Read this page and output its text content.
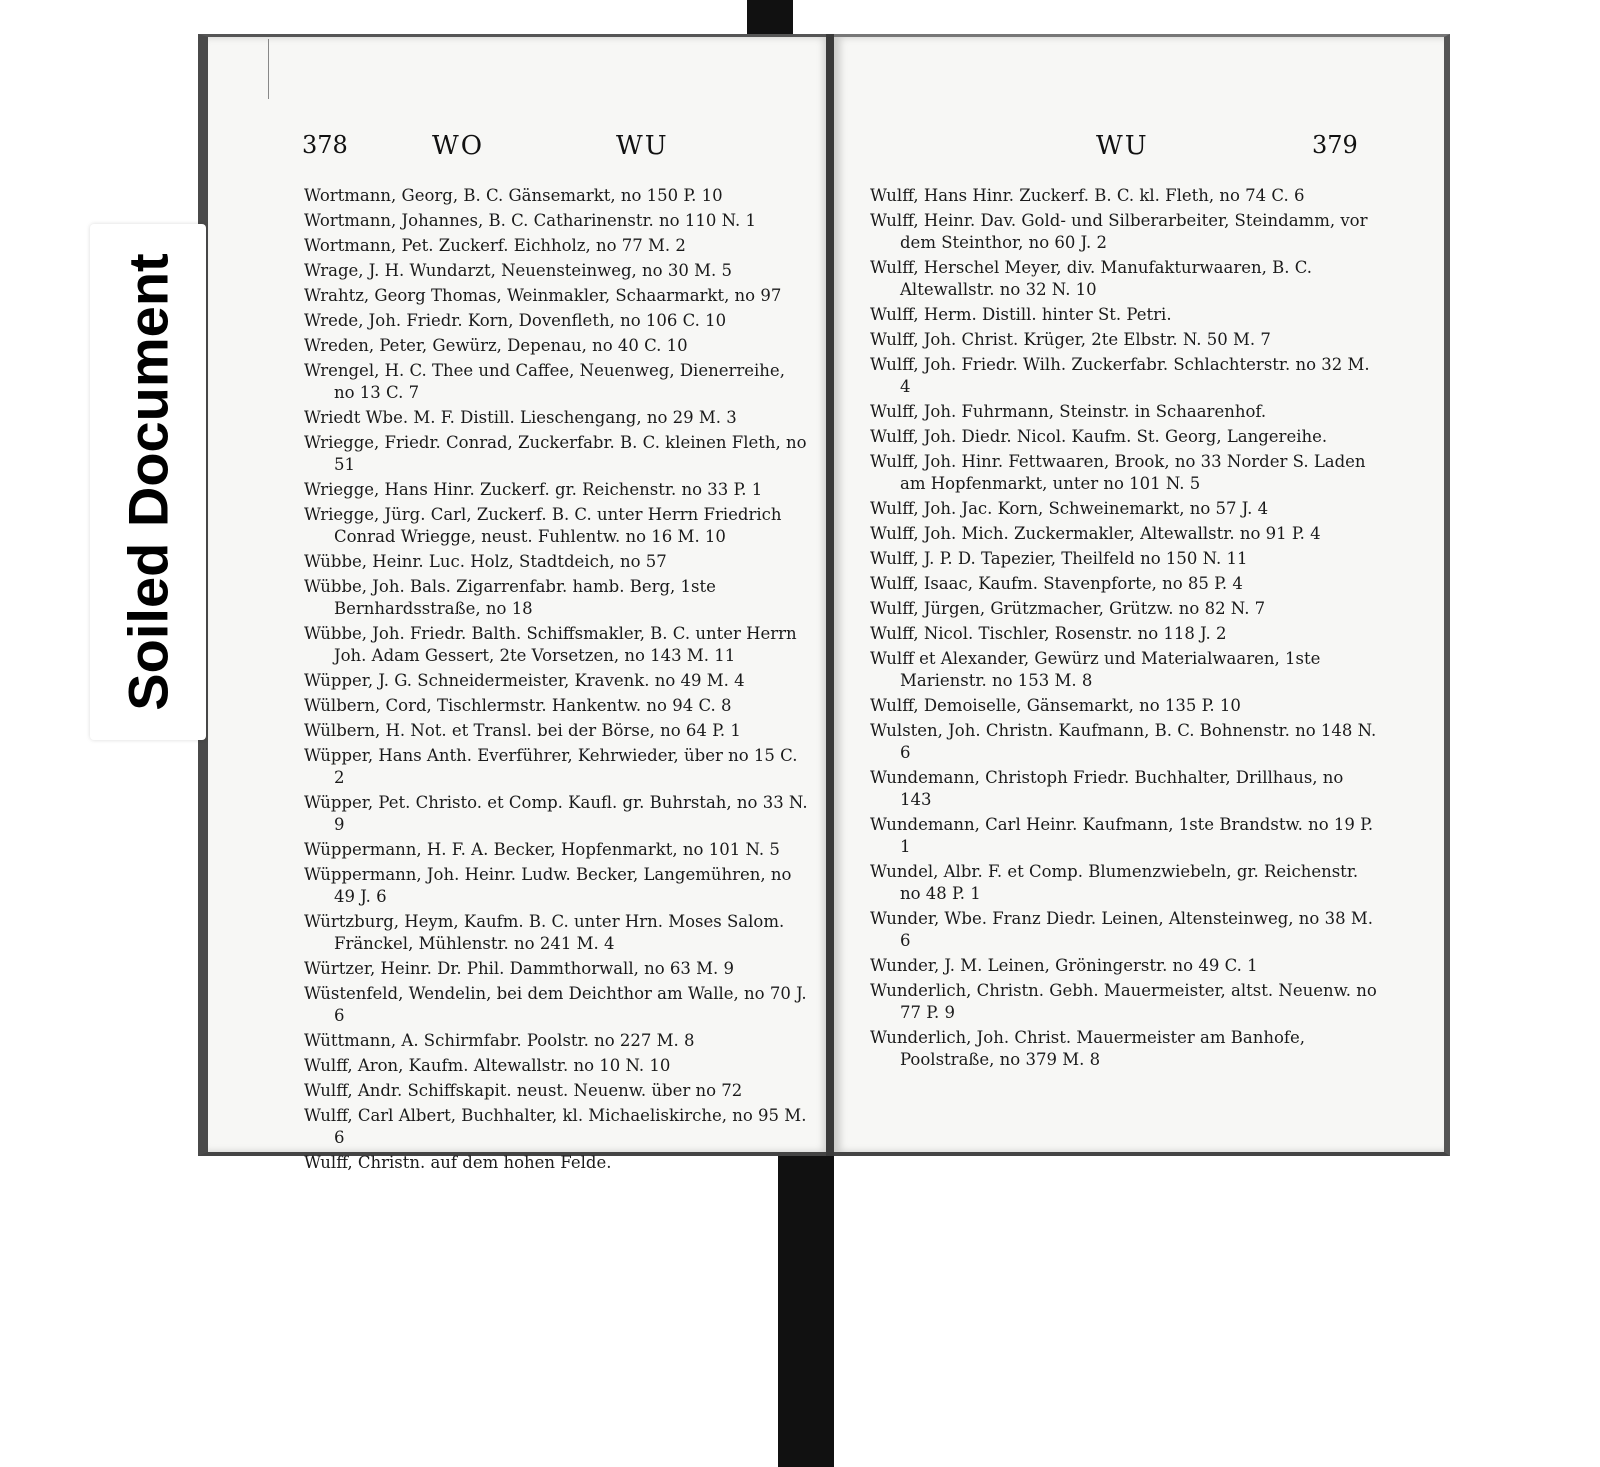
378	WO	WU
Wortmann, Georg, B. C. Gänsemarkt, no 150 P. 10
Wortmann, Johannes, B. C. Catharinenstr. no 110 N. 1
Wortmann, Pet. Zuckerf. Eichholz, no 77 M. 2
Wrage, J. H. Wundarzt, Neuensteinweg, no 30 M. 5
Wrahtz, Georg Thomas, Weinmakler, Schaarmarkt, no 97
Wrede, Joh. Friedr. Korn, Dovenfleth, no 106 C. 10
Wreden, Peter, Gewürz, Depenau, no 40 C. 10
Wrengel, H. C. Thee und Caffee, Neuenweg, Dienerreihe, no 13 C. 7
Wriedt Wbe. M. F. Distill. Lieschengang, no 29 M. 3
Wriegge, Friedr. Conrad, Zuckerfabr. B. C. kleinen Fleth, no 51
Wriegge, Hans Hinr. Zuckerf. gr. Reichenstr. no 33 P. 1
Wriegge, Jürg. Carl, Zuckerf. B. C. unter Herrn Friedrich Conrad Wriegge, neust. Fuhlentw. no 16 M. 10
Wübbe, Heinr. Luc. Holz, Stadtdeich, no 57
Wübbe, Joh. Bals. Zigarrenfabr. hamb. Berg, 1ste Bernhardsstraße, no 18
Wübbe, Joh. Friedr. Balth. Schiffsmakler, B. C. unter Herrn Joh. Adam Gessert, 2te Vorsetzen, no 143 M. 11
Wüpper, J. G. Schneidermeister, Kravenk. no 49 M. 4
Wülbern, Cord, Tischlermstr. Hankentw. no 94 C. 8
Wülbern, H. Not. et Transl. bei der Börse, no 64 P. 1
Wüpper, Hans Anth. Everführer, Kehrwieder, über no 15 C. 2
Wüpper, Pet. Christo. et Comp. Kaufl. gr. Buhrstah, no 33 N. 9
Wüppermann, H. F. A. Becker, Hopfenmarkt, no 101 N. 5
Wüppermann, Joh. Heinr. Ludw. Becker, Langemühren, no 49 J. 6
Würtzburg, Heym, Kaufm. B. C. unter Hrn. Moses Salom. Fränckel, Mühlenstr. no 241 M. 4
Würtzer, Heinr. Dr. Phil. Dammthorwall, no 63 M. 9
Wüstenfeld, Wendelin, bei dem Deichthor am Walle, no 70 J. 6
Wüttmann, A. Schirmfabr. Poolstr. no 227 M. 8
Wulff, Aron, Kaufm. Altewallstr. no 10 N. 10
Wulff, Andr. Schiffskapit. neust. Neuenw. über no 72
Wulff, Carl Albert, Buchhalter, kl. Michaeliskirche, no 95 M. 6
Wulff, Christn. auf dem hohen Felde.
WU	379
Wulff, Hans Hinr. Zuckerf. B. C. kl. Fleth, no 74 C. 6
Wulff, Heinr. Dav. Gold- und Silberarbeiter, Steindamm, vor dem Steinthor, no 60 J. 2
Wulff, Herschel Meyer, div. Manufakturwaaren, B. C. Altewallstr. no 32 N. 10
Wulff, Herm. Distill. hinter St. Petri.
Wulff, Joh. Christ. Krüger, 2te Elbstr. N. 50 M. 7
Wulff, Joh. Friedr. Wilh. Zuckerfabr. Schlachterstr. no 32 M. 4
Wulff, Joh. Fuhrmann, Steinstr. in Schaarenhof.
Wulff, Joh. Diedr. Nicol. Kaufm. St. Georg, Langereihe.
Wulff, Joh. Hinr. Fettwaaren, Brook, no 33 Norder S. Laden am Hopfenmarkt, unter no 101 N. 5
Wulff, Joh. Jac. Korn, Schweinemarkt, no 57 J. 4
Wulff, Joh. Mich. Zuckermakler, Altewallstr. no 91 P. 4
Wulff, J. P. D. Tapezier, Theilfeld no 150 N. 11
Wulff, Isaac, Kaufm. Stavenpforte, no 85 P. 4
Wulff, Jürgen, Grützmacher, Grützw. no 82 N. 7
Wulff, Nicol. Tischler, Rosenstr. no 118 J. 2
Wulff et Alexander, Gewürz und Materialwaaren, 1ste Marienstr. no 153 M. 8
Wulff, Demoiselle, Gänsemarkt, no 135 P. 10
Wulsten, Joh. Christn. Kaufmann, B. C. Bohnenstr. no 148 N. 6
Wundemann, Christoph Friedr. Buchhalter, Drillhaus, no 143
Wundemann, Carl Heinr. Kaufmann, 1ste Brandstw. no 19 P. 1
Wundel, Albr. F. et Comp. Blumenzwiebeln, gr. Reichenstr. no 48 P. 1
Wunder, Wbe. Franz Diedr. Leinen, Altensteinweg, no 38 M. 6
Wunder, J. M. Leinen, Gröningerstr. no 49 C. 1
Wunderlich, Christn. Gebh. Mauermeister, altst. Neuenw. no 77 P. 9
Wunderlich, Joh. Christ. Mauermeister am Banhofe, Poolstraße, no 379 M. 8
Soiled Document
